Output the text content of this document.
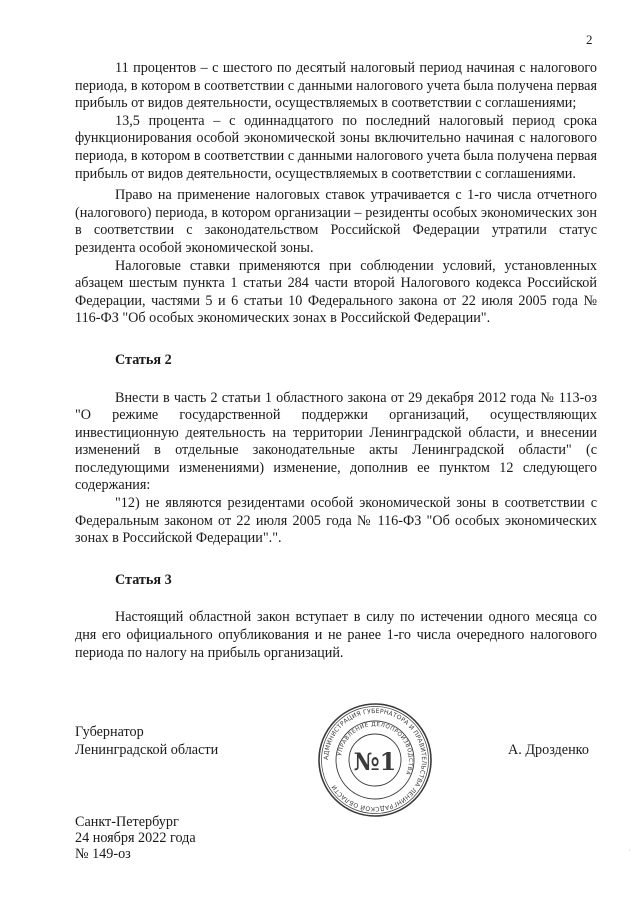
2

11 процентов – с шестого по десятый налоговый период начиная с налогового периода, в котором в соответствии с данными налогового учета была получена первая прибыль от видов деятельности, осуществляемых в соответствии с соглашениями;

13,5 процента – с одиннадцатого по последний налоговый период срока функционирования особой экономической зоны включительно начиная с налогового периода, в котором в соответствии с данными налогового учета была получена первая прибыль от видов деятельности, осуществляемых в соответствии с соглашениями.

Право на применение налоговых ставок утрачивается с 1-го числа отчетного (налогового) периода, в котором организации – резиденты особых экономических зон в соответствии с законодательством Российской Федерации утратили статус резидента особой экономической зоны.

Налоговые ставки применяются при соблюдении условий, установленных абзацем шестым пункта 1 статьи 284 части второй Налогового кодекса Российской Федерации, частями 5 и 6 статьи 10 Федерального закона от 22 июля 2005 года № 116-ФЗ "Об особых экономических зонах в Российской Федерации".

Статья 2

Внести в часть 2 статьи 1 областного закона от 29 декабря 2012 года № 113-оз "О режиме государственной поддержки организаций, осуществляющих инвестиционную деятельность на территории Ленинградской области, и внесении изменений в отдельные законодательные акты Ленинградской области" (с последующими изменениями) изменение, дополнив ее пунктом 12 следующего содержания:

"12) не являются резидентами особой экономической зоны в соответствии с Федеральным законом от 22 июля 2005 года № 116-ФЗ "Об особых экономических зонах в Российской Федерации".".

Статья 3

Настоящий областной закон вступает в силу по истечении одного месяца со дня его официального опубликования и не ранее 1-го числа очередного налогового периода по налогу на прибыль организаций.

Губернатор
Ленинградской области	АДМИНИСТРАЦИЯ ГУБЕРНАТОРА И ПРАВИТЕЛЬСТВА ЛЕНИНГРАДСКОЙ ОБЛАСТИ
УПРАВЛЕНИЕ ДЕЛОПРОИЗВОДСТВА
№1	А. Дрозденко
Санкт-Петербург
24 ноября 2022 года
№ 149-оз	'
